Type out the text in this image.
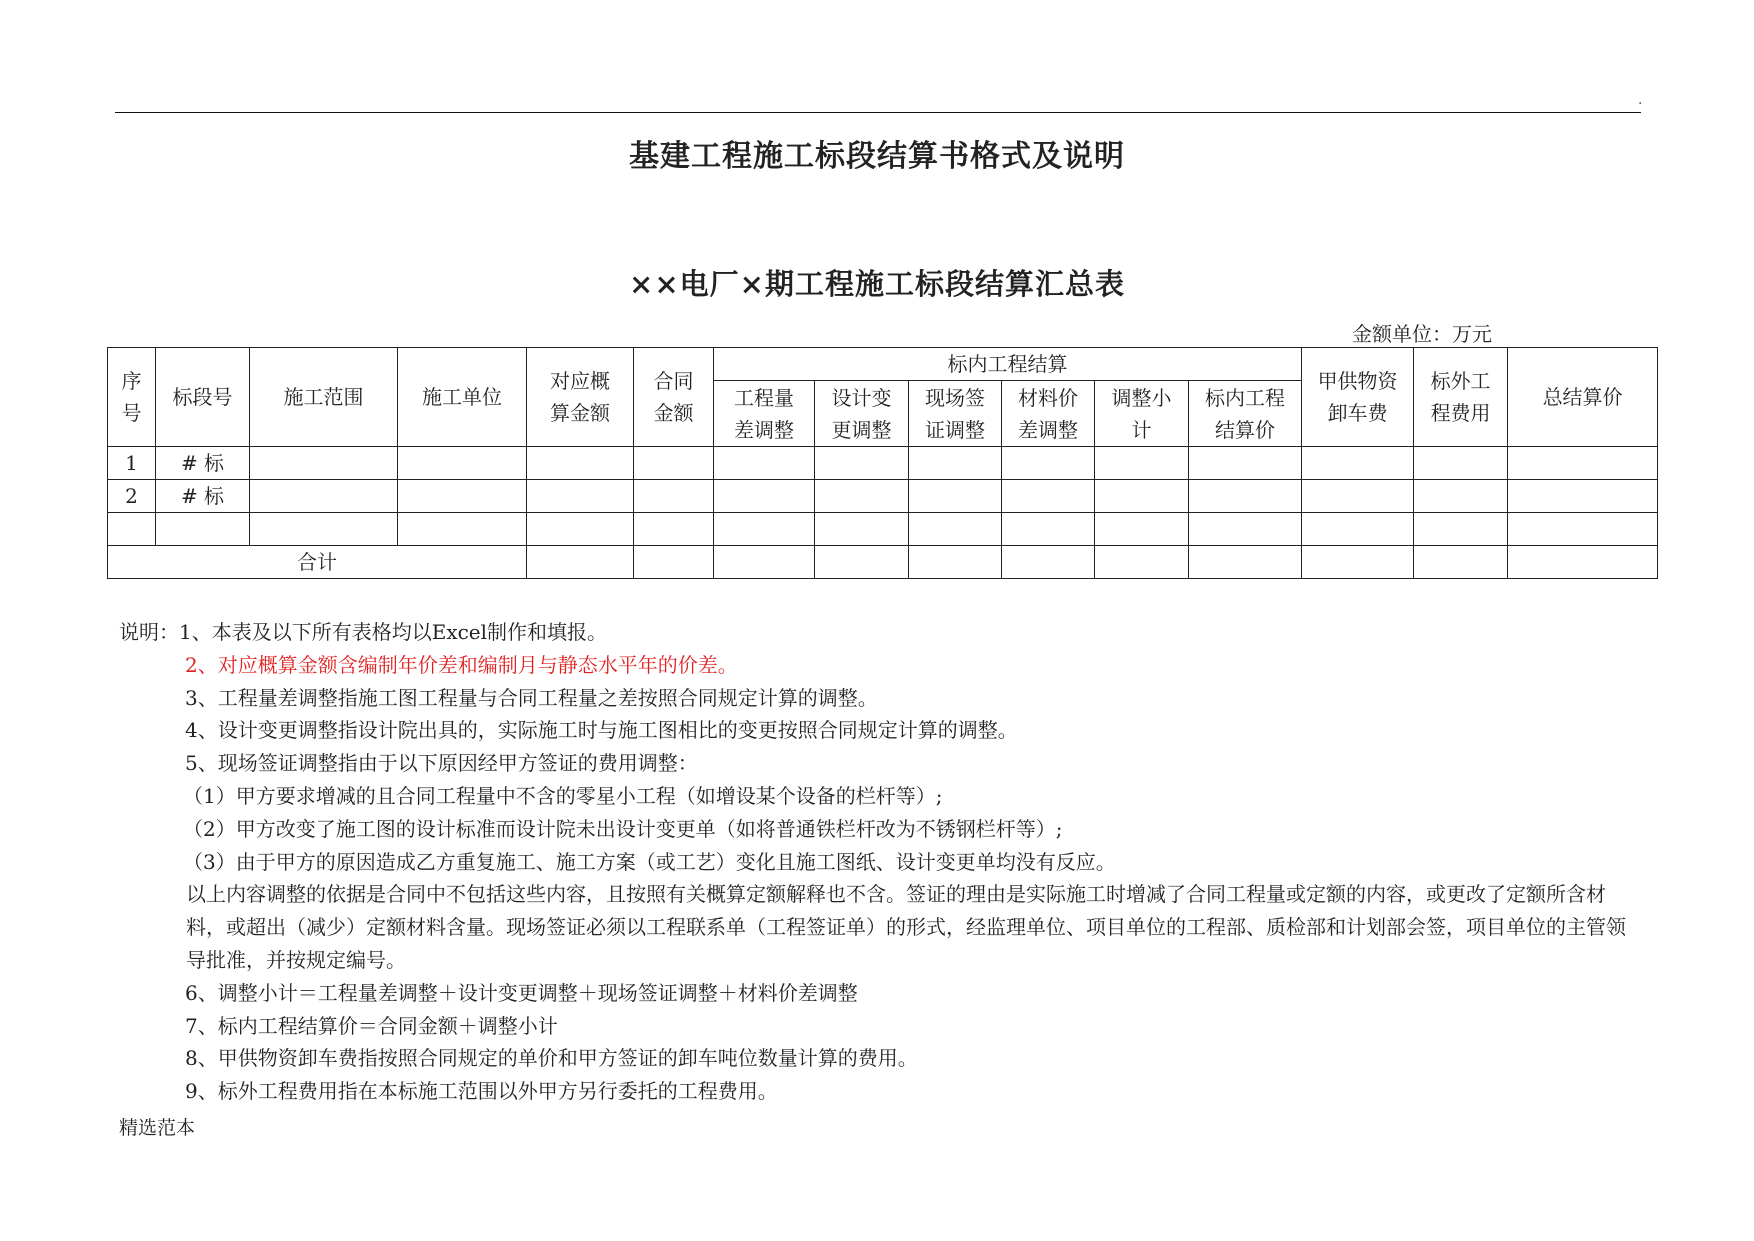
.
基建工程施工标段结算书格式及说明
××电厂×期工程施工标段结算汇总表
金额单位：万元
序号	标段号	施工范围	施工单位	对应概算金额	合同金额	标内工程结算						甲供物资卸车费	标外工程费用	总结算价

						工程量差调整	设计变更调整	现场签证调整	材料价差调整	调整小计	标内工程结算价			

1	# 标													
2	# 标													

合计														
说明：1、本表及以下所有表格均以Excel制作和填报。
2、对应概算金额含编制年价差和编制月与静态水平年的价差。
3、工程量差调整指施工图工程量与合同工程量之差按照合同规定计算的调整。
4、设计变更调整指设计院出具的，实际施工时与施工图相比的变更按照合同规定计算的调整。
5、现场签证调整指由于以下原因经甲方签证的费用调整：
（1）甲方要求增减的且合同工程量中不含的零星小工程（如增设某个设备的栏杆等）;
（2）甲方改变了施工图的设计标准而设计院未出设计变更单（如将普通铁栏杆改为不锈钢栏杆等）;
（3）由于甲方的原因造成乙方重复施工、施工方案（或工艺）变化且施工图纸、设计变更单均没有反应。
以上内容调整的依据是合同中不包括这些内容，且按照有关概算定额解释也不含。签证的理由是实际施工时增减了合同工程量或定额的内容，或更改了定额所含材料，或超出（减少）定额材料含量。现场签证必须以工程联系单（工程签证单）的形式，经监理单位、项目单位的工程部、质检部和计划部会签，项目单位的主管领导批准，并按规定编号。
6、调整小计＝工程量差调整＋设计变更调整＋现场签证调整＋材料价差调整
7、标内工程结算价＝合同金额＋调整小计
8、甲供物资卸车费指按照合同规定的单价和甲方签证的卸车吨位数量计算的费用。
9、标外工程费用指在本标施工范围以外甲方另行委托的工程费用。
精选范本
